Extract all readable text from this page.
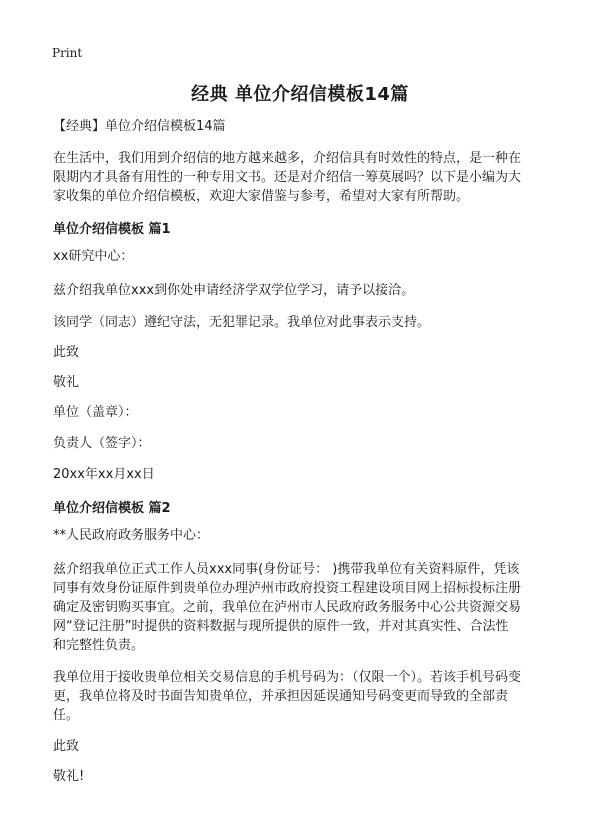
Print
经典 单位介绍信模板14篇
【经典】单位介绍信模板14篇
在生活中，我们用到介绍信的地方越来越多，介绍信具有时效性的特点，是一种在
限期内才具备有用性的一种专用文书。还是对介绍信一筹莫展吗？以下是小编为大
家收集的单位介绍信模板，欢迎大家借鉴与参考，希望对大家有所帮助。
单位介绍信模板 篇1
xx研究中心：
兹介绍我单位xxx到你处申请经济学双学位学习，请予以接洽。
该同学（同志）遵纪守法，无犯罪记录。我单位对此事表示支持。
此致
敬礼
单位（盖章）：
负责人（签字）：
20xx年xx月xx日
单位介绍信模板 篇2
**人民政府政务服务中心：
兹介绍我单位正式工作人员xxx同事(身份证号： )携带我单位有关资料原件，凭该
同事有效身份证原件到贵单位办理泸州市政府投资工程建设项目网上招标投标注册
确定及密钥购买事宜。之前，我单位在泸州市人民政府政务服务中心公共资源交易
网“登记注册”时提供的资料数据与现所提供的原件一致，并对其真实性、合法性
和完整性负责。
我单位用于接收贵单位相关交易信息的手机号码为：（仅限一个）。若该手机号码变
更，我单位将及时书面告知贵单位，并承担因延误通知号码变更而导致的全部责
任。
此致
敬礼!
